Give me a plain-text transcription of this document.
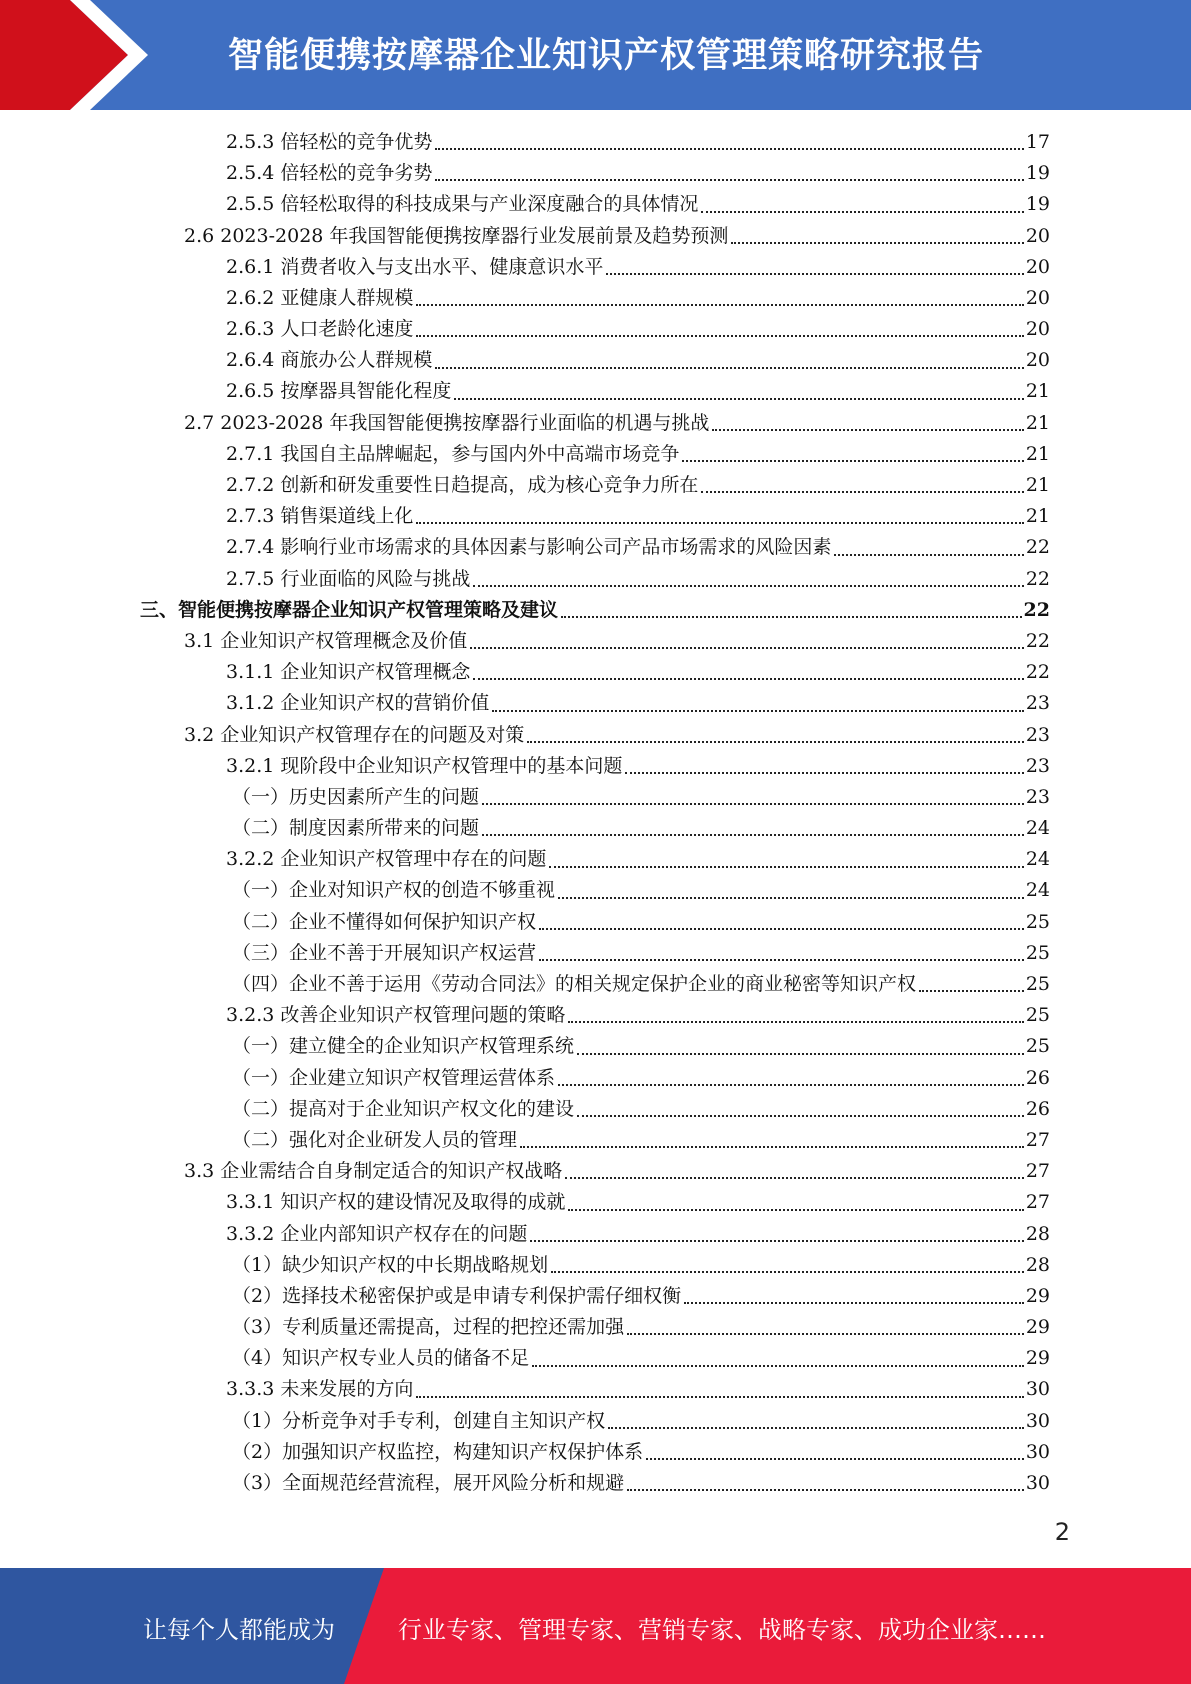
智能便携按摩器企业知识产权管理策略研究报告
2.5.3 倍轻松的竞争优势	17
2.5.4 倍轻松的竞争劣势	19
2.5.5 倍轻松取得的科技成果与产业深度融合的具体情况	19
2.6 2023-2028 年我国智能便携按摩器行业发展前景及趋势预测	20
2.6.1 消费者收入与支出水平、健康意识水平	20
2.6.2 亚健康人群规模	20
2.6.3 人口老龄化速度	20
2.6.4 商旅办公人群规模	20
2.6.5 按摩器具智能化程度	21
2.7 2023-2028 年我国智能便携按摩器行业面临的机遇与挑战	21
2.7.1 我国自主品牌崛起，参与国内外中高端市场竞争	21
2.7.2 创新和研发重要性日趋提高，成为核心竞争力所在	21
2.7.3 销售渠道线上化	21
2.7.4 影响行业市场需求的具体因素与影响公司产品市场需求的风险因素	22
2.7.5 行业面临的风险与挑战	22
三、智能便携按摩器企业知识产权管理策略及建议	22
3.1 企业知识产权管理概念及价值	22
3.1.1 企业知识产权管理概念	22
3.1.2 企业知识产权的营销价值	23
3.2 企业知识产权管理存在的问题及对策	23
3.2.1 现阶段中企业知识产权管理中的基本问题	23
（一）历史因素所产生的问题	23
（二）制度因素所带来的问题	24
3.2.2 企业知识产权管理中存在的问题	24
（一）企业对知识产权的创造不够重视	24
（二）企业不懂得如何保护知识产权	25
（三）企业不善于开展知识产权运营	25
（四）企业不善于运用《劳动合同法》的相关规定保护企业的商业秘密等知识产权	25
3.2.3 改善企业知识产权管理问题的策略	25
（一）建立健全的企业知识产权管理系统	25
（一）企业建立知识产权管理运营体系	26
（二）提高对于企业知识产权文化的建设	26
（二）强化对企业研发人员的管理	27
3.3 企业需结合自身制定适合的知识产权战略	27
3.3.1 知识产权的建设情况及取得的成就	27
3.3.2 企业内部知识产权存在的问题	28
（1）缺少知识产权的中长期战略规划	28
（2）选择技术秘密保护或是申请专利保护需仔细权衡	29
（3）专利质量还需提高，过程的把控还需加强	29
（4）知识产权专业人员的储备不足	29
3.3.3 未来发展的方向	30
（1）分析竞争对手专利，创建自主知识产权	30
（2）加强知识产权监控，构建知识产权保护体系	30
（3）全面规范经营流程，展开风险分析和规避	30
2
让每个人都能成为	行业专家、管理专家、营销专家、战略专家、成功企业家……
